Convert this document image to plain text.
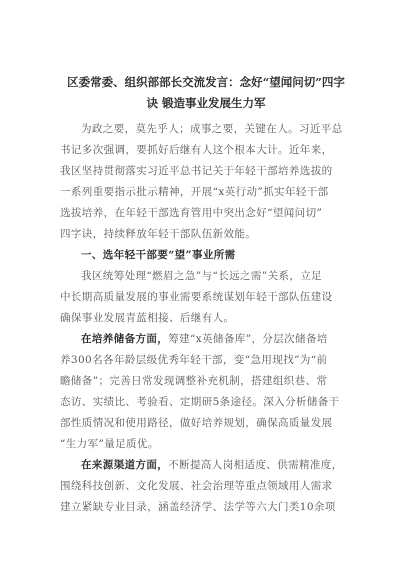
区委常委、组织部部长交流发言：念好“望闻问切”四字
诀 锻造事业发展生力军
为政之要，莫先乎人；成事之要，关键在人。习近平总
书记多次强调，要抓好后继有人这个根本大计。近年来，
我区坚持贯彻落实习近平总书记关于年轻干部培养选拔的
一系列重要指示批示精神，开展“x英行动”抓实年轻干部
选拔培养，在年轻干部选育管用中突出念好“望闻问切”
四字诀，持续释放年轻干部队伍新效能。
一、选年轻干部要“望”事业所需
我区统筹处理“燃眉之急”与“长远之需”关系，立足
中长期高质量发展的事业需要系统谋划年轻干部队伍建设
确保事业发展青蓝相接、后继有人。
在培养储备方面，筹建“x英储备库”，分层次储备培
养300名各年龄层级优秀年轻干部，变“急用现找”为“前
瞻储备”；完善日常发现调整补充机制，搭建组织巷、常
态访、实绩比、考验看、定期研5条途径。深入分析储备干
部性质情况和使用路径，做好培养规划，确保高质量发展
“生力军”量足质优。
在来源渠道方面，不断提高人岗相适度、供需精准度，
围绕科技创新、文化发展、社会治理等重点领域用人需求
建立紧缺专业目录，涵盖经济学、法学等六大门类10余项
